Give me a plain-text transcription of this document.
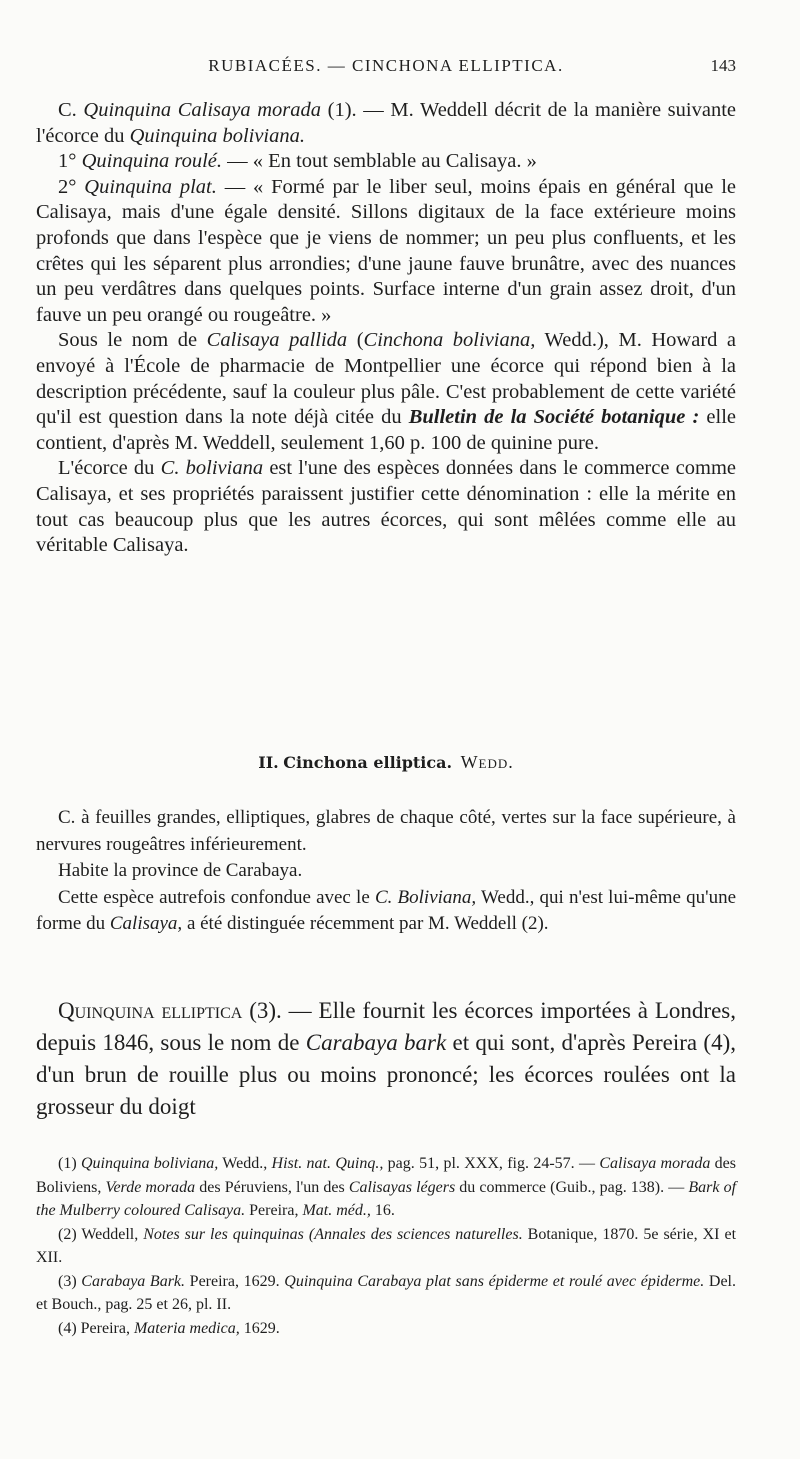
RUBIACÉES. — CINCHONA ELLIPTICA.	143

C. Quinquina Calisaya morada (1). — M. Weddell décrit de la manière suivante l'écorce du Quinquina boliviana.

1° Quinquina roulé. — « En tout semblable au Calisaya. »

2° Quinquina plat. — « Formé par le liber seul, moins épais en général que le Calisaya, mais d'une égale densité. Sillons digitaux de la face extérieure moins profonds que dans l'espèce que je viens de nommer; un peu plus confluents, et les crêtes qui les séparent plus arrondies; d'une jaune fauve brunâtre, avec des nuances un peu verdâtres dans quelques points. Surface interne d'un grain assez droit, d'un fauve un peu orangé ou rougeâtre. »

Sous le nom de Calisaya pallida (Cinchona boliviana, Wedd.), M. Howard a envoyé à l'École de pharmacie de Montpellier une écorce qui répond bien à la description précédente, sauf la couleur plus pâle. C'est probablement de cette variété qu'il est question dans la note déjà citée du Bulletin de la Société botanique : elle contient, d'après M. Weddell, seulement 1,60 p. 100 de quinine pure.

L'écorce du C. boliviana est l'une des espèces données dans le commerce comme Calisaya, et ses propriétés paraissent justifier cette dénomination : elle la mérite en tout cas beaucoup plus que les autres écorces, qui sont mêlées comme elle au véritable Calisaya.

II. Cinchona elliptica. Wedd.

C. à feuilles grandes, elliptiques, glabres de chaque côté, vertes sur la face supérieure, à nervures rougeâtres inférieurement.

Habite la province de Carabaya.

Cette espèce autrefois confondue avec le C. Boliviana, Wedd., qui n'est lui-même qu'une forme du Calisaya, a été distinguée récemment par M. Weddell (2).

Quinquina elliptica (3). — Elle fournit les écorces importées à Londres, depuis 1846, sous le nom de Carabaya bark et qui sont, d'après Pereira (4), d'un brun de rouille plus ou moins prononcé; les écorces roulées ont la grosseur du doigt

(1) Quinquina boliviana, Wedd., Hist. nat. Quinq., pag. 51, pl. XXX, fig. 24-57. — Calisaya morada des Boliviens, Verde morada des Péruviens, l'un des Calisayas légers du commerce (Guib., pag. 138). — Bark of the Mulberry coloured Calisaya. Pereira, Mat. méd., 16.

(2) Weddell, Notes sur les quinquinas (Annales des sciences naturelles. Botanique, 1870. 5e série, XI et XII.

(3) Carabaya Bark. Pereira, 1629. Quinquina Carabaya plat sans épiderme et roulé avec épiderme. Del. et Bouch., pag. 25 et 26, pl. II.

(4) Pereira, Materia medica, 1629.
